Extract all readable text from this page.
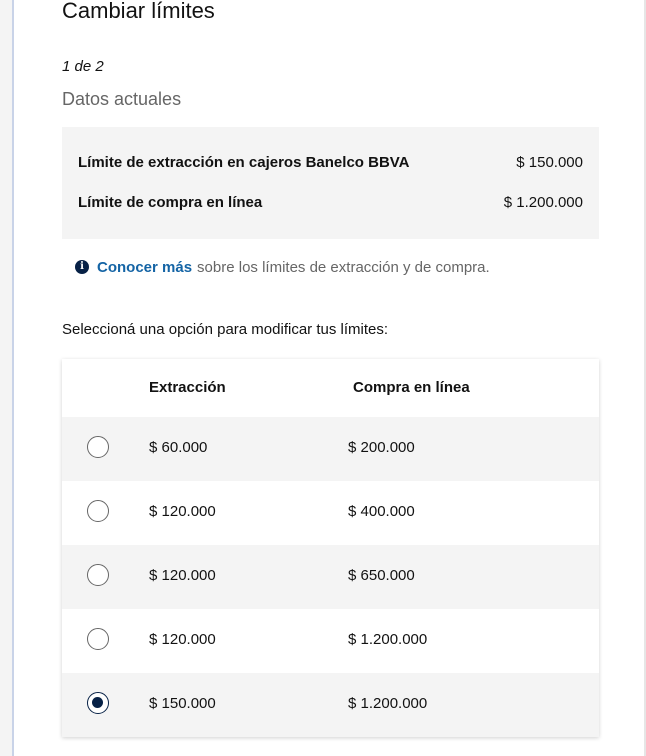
Cambiar límites
1 de 2
Datos actuales
Límite de extracción en cajeros Banelco BBVA	$ 150.000
Límite de compra en línea	$ 1.200.000
i Conocer más sobre los límites de extracción y de compra.
Seleccioná una opción para modificar tus límites:
Extracción	Compra en línea
$ 60.000	$ 200.000
$ 120.000	$ 400.000
$ 120.000	$ 650.000
$ 120.000	$ 1.200.000
$ 150.000	$ 1.200.000
